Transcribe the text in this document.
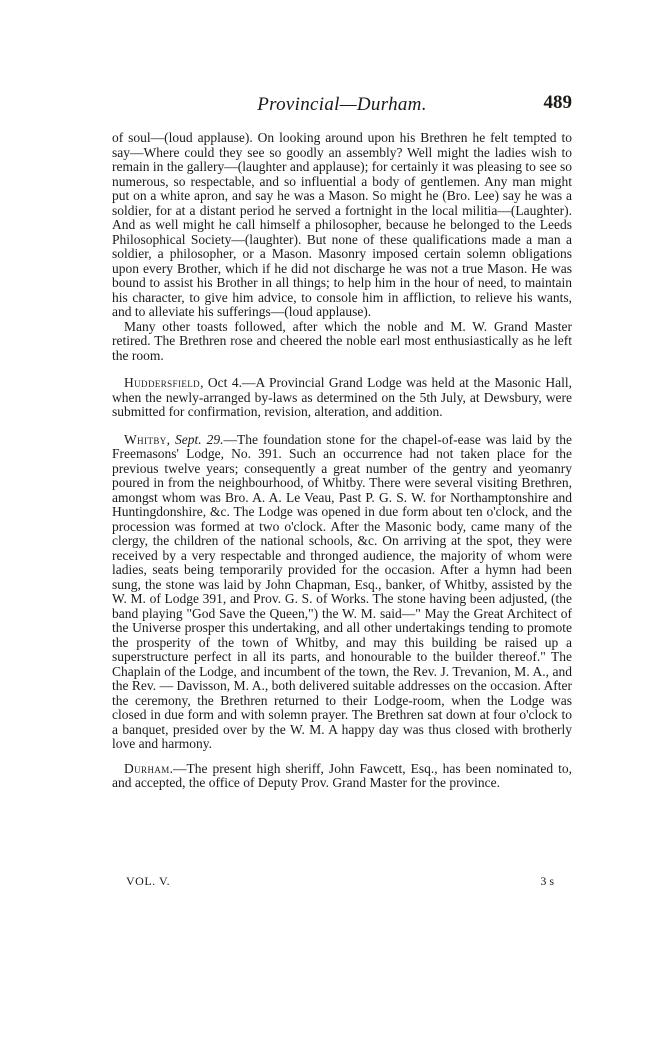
Provincial—Durham.	489

of soul—(loud applause). On looking around upon his Brethren he felt tempted to say—Where could they see so goodly an assembly? Well might the ladies wish to remain in the gallery—(laughter and applause); for certainly it was pleasing to see so numerous, so respectable, and so influential a body of gentlemen. Any man might put on a white apron, and say he was a Mason. So might he (Bro. Lee) say he was a soldier, for at a distant period he served a fortnight in the local militia—(Laughter). And as well might he call himself a philosopher, because he belonged to the Leeds Philosophical Society—(laughter). But none of these qualifications made a man a soldier, a philosopher, or a Mason. Masonry imposed certain solemn obligations upon every Brother, which if he did not discharge he was not a true Mason. He was bound to assist his Brother in all things; to help him in the hour of need, to maintain his character, to give him advice, to console him in affliction, to relieve his wants, and to alleviate his sufferings—(loud applause).

Many other toasts followed, after which the noble and M. W. Grand Master retired. The Brethren rose and cheered the noble earl most enthusiastically as he left the room.

Huddersfield, Oct 4.—A Provincial Grand Lodge was held at the Masonic Hall, when the newly-arranged by-laws as determined on the 5th July, at Dewsbury, were submitted for confirmation, revision, alteration, and addition.

Whitby, Sept. 29.—The foundation stone for the chapel-of-ease was laid by the Freemasons' Lodge, No. 391. Such an occurrence had not taken place for the previous twelve years; consequently a great number of the gentry and yeomanry poured in from the neighbourhood, of Whitby. There were several visiting Brethren, amongst whom was Bro. A. A. Le Veau, Past P. G. S. W. for Northamptonshire and Huntingdonshire, &c. The Lodge was opened in due form about ten o'clock, and the procession was formed at two o'clock. After the Masonic body, came many of the clergy, the children of the national schools, &c. On arriving at the spot, they were received by a very respectable and thronged audience, the majority of whom were ladies, seats being temporarily provided for the occasion. After a hymn had been sung, the stone was laid by John Chapman, Esq., banker, of Whitby, assisted by the W. M. of Lodge 391, and Prov. G. S. of Works. The stone having been adjusted, (the band playing "God Save the Queen,") the W. M. said—" May the Great Architect of the Universe prosper this undertaking, and all other undertakings tending to promote the prosperity of the town of Whitby, and may this building be raised up a superstructure perfect in all its parts, and honourable to the builder thereof." The Chaplain of the Lodge, and incumbent of the town, the Rev. J. Trevanion, M. A., and the Rev. — Davisson, M. A., both delivered suitable addresses on the occasion. After the ceremony, the Brethren returned to their Lodge-room, when the Lodge was closed in due form and with solemn prayer. The Brethren sat down at four o'clock to a banquet, presided over by the W. M. A happy day was thus closed with brotherly love and harmony.

Durham.—The present high sheriff, John Fawcett, Esq., has been nominated to, and accepted, the office of Deputy Prov. Grand Master for the province.

VOL. V.	3 s
